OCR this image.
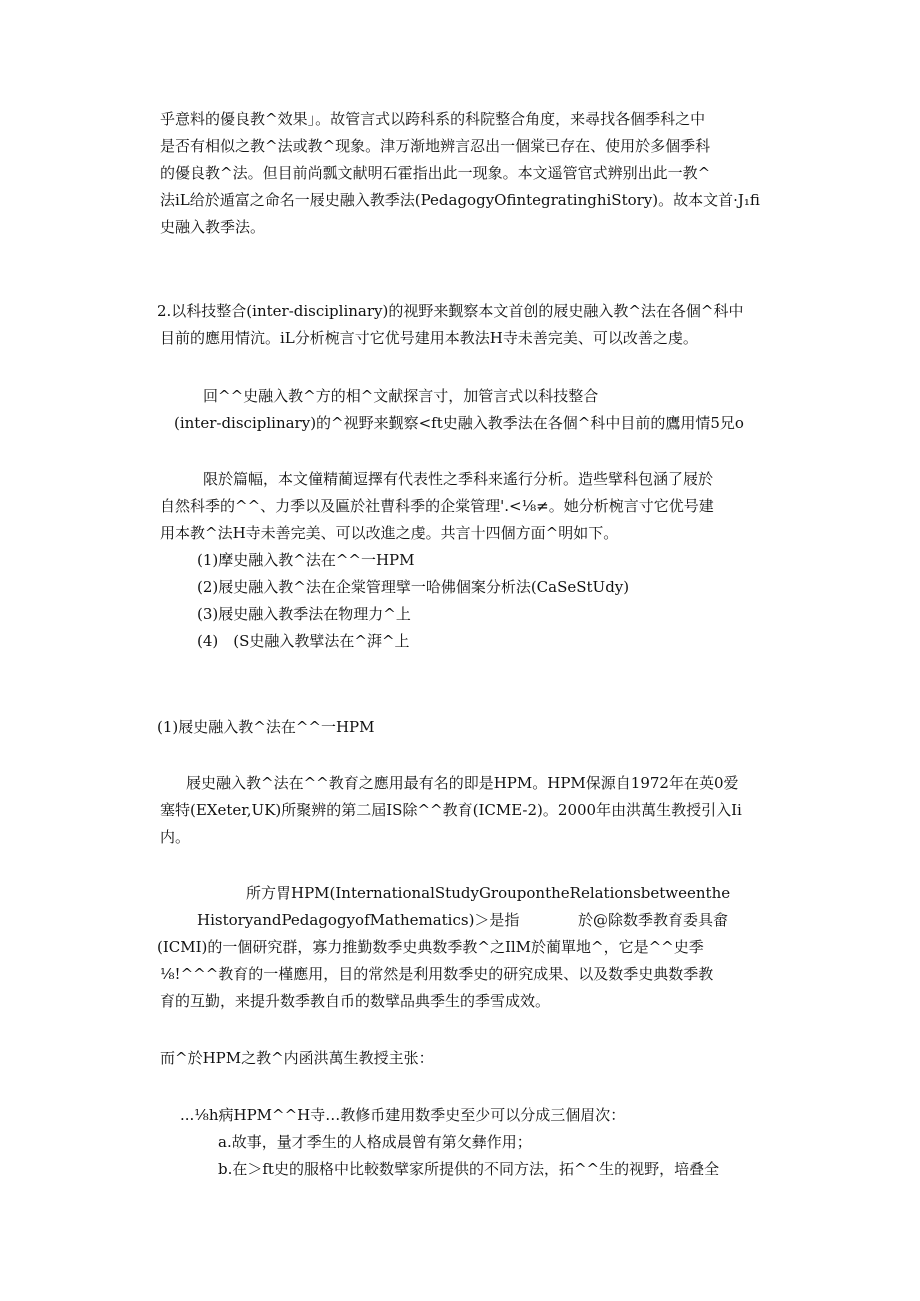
乎意料的優良教^效果」。故管言式以跨科系的科院整合角度，来尋找各個季科之中
是否有相似之教^法或教^现象。津万渐地辨言忍出一個棠已存在、使用於多個季科
的優良教^法。但目前尚瓢文献明石霍指出此一现象。本文遥管官式辨别出此一教^
法iL给於遁富之命名一屐史融入教季法(PedagogyOfintegratinghiStory)。故本文首·J₁fi
史融入教季法。
2.以科技整合(inter-disciplinary)的视野来觐察本文首创的屐史融入教^法在各個^科中
目前的應用情沆。iL分析椀言寸它优号建用本教法H寺未善完美、可以改善之虔。
回^^史融入教^方的相^文献探言寸，加管言式以科技整合
(inter-disciplinary)的^视野来觐察<ft史融入教季法在各個^科中目前的鷹用情5兄o
限於篇幅，本文僮精蔺逗擇有代表性之季科来遙行分析。造些擘科包涵了屐於
自然科季的^^、力季以及匾於社曹科季的企棠管理'.<⅛≠。她分析椀言寸它优号建
用本教^法H寺未善完美、可以改進之虔。共言十四個方面^明如下。
(1)摩史融入教^法在^^一HPM
(2)屐史融入教^法在企棠管理擘一哈佛個案分析法(CaSeStUdy)
(3)屐史融入教季法在物理力^上
(4)　(S史融入教擘法在^湃^上
(1)屐史融入教^法在^^一HPM
屐史融入教^法在^^教育之應用最有名的即是HPM。HPM保源自1972年在英0爱
塞特(EXeter,UK)所聚辨的第二屆IS除^^教育(ICME-2)。2000年由洪萬生教授引入Ii
内。
所方胃HPM(InternationalStudyGroupontheRelationsbetweenthe
HistoryandPedagogyofMathematics)＞是指	於@除数季教育委具畲
(ICMI)的一個研究群，寡力推勤数季史典数季教^之IlM於蔺單地^，它是^^史季
⅛!^^^教育的一槿應用，目的常然是利用数季史的研究成果、以及数季史典数季教
育的互勤，来提升数季教自币的数擘品典季生的季雪成效。
而^於HPM之教^内函洪萬生教授主张：
...⅛h病HPM^^H寺…教修币建用数季史至少可以分成三個眉次：
a.故事，量才季生的人格成晨曾有第攵彝作用；
b.在＞ft史的服格中比較数擘家所提供的不同方法，拓^^生的视野，培叠全
